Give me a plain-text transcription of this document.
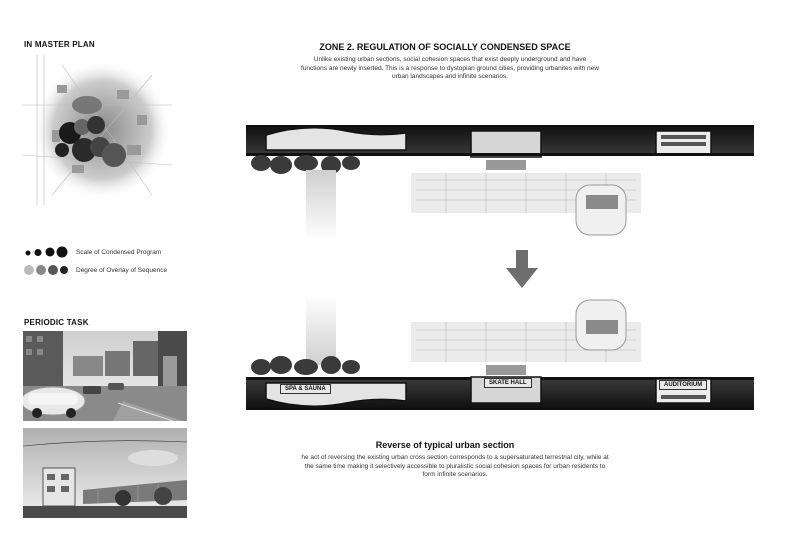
IN MASTER PLAN
Scale of Condensed Program
Degree of Overlay of Sequence
PERIODIC TASK
ZONE 2. REGULATION OF SOCIALLY CONDENSED SPACE
Unlike existing urban sections, social cohesion spaces that exist deeply underground and have functions are newly inserted. This is a response to dystopian ground cities, providing urbanites with new urban landscapes and infinite scenarios.
SPA & SAUNA
SKATE HALL	AUDITORIUM
Reverse of typical urban section
he act of reversing the existing urban cross section corresponds to a supersaturated terrestrial city, while at the same time making it selectively accessible to pluralistic social cohesion spaces for urban residents to form infinite scenarios.
